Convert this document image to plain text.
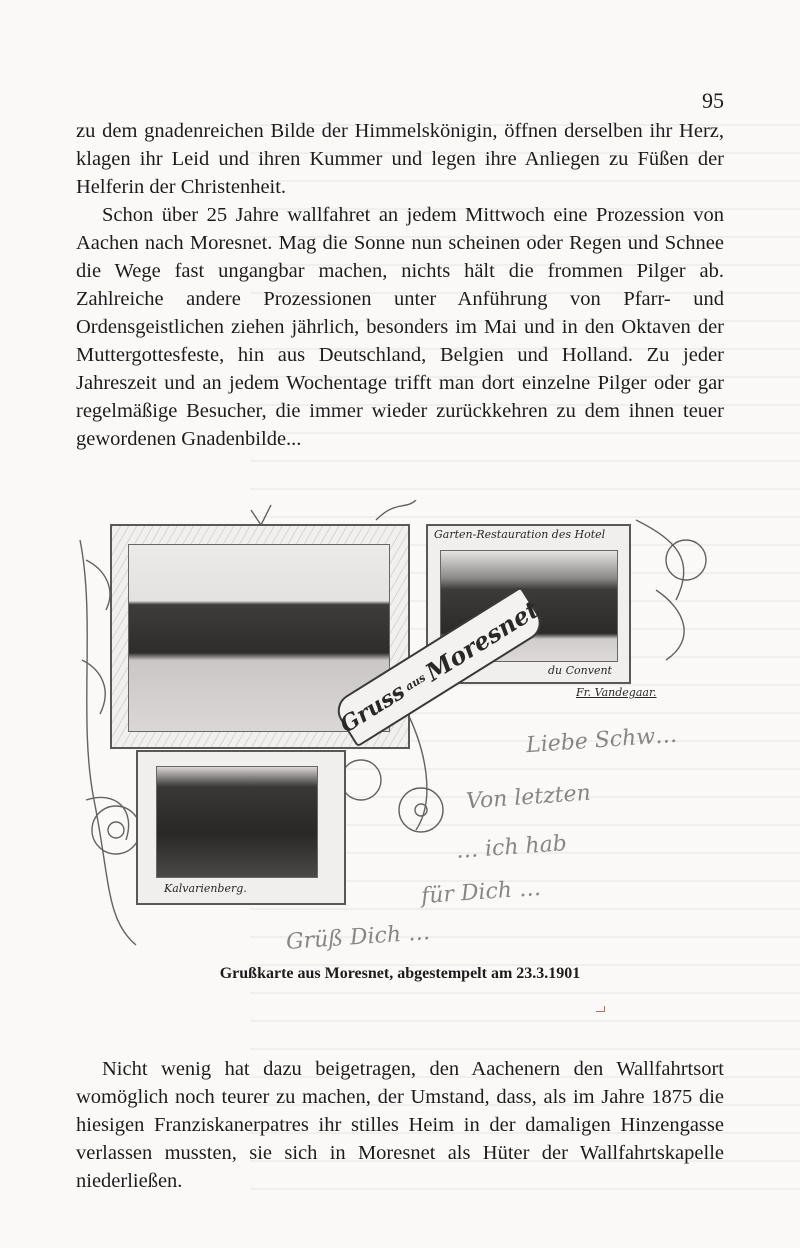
95

zu dem gnadenreichen Bilde der Himmelskönigin, öffnen derselben ihr Herz, klagen ihr Leid und ihren Kummer und legen ihre Anliegen zu Füßen der Helferin der Christenheit.

Schon über 25 Jahre wallfahret an jedem Mittwoch eine Prozession von Aachen nach Moresnet. Mag die Sonne nun scheinen oder Regen und Schnee die Wege fast ungangbar machen, nichts hält die frommen Pilger ab. Zahlreiche andere Prozessionen unter Anführung von Pfarr- und Ordensgeistlichen ziehen jährlich, besonders im Mai und in den Oktaven der Muttergottesfeste, hin aus Deutschland, Belgien und Holland. Zu jeder Jahreszeit und an jedem Wochentage trifft man dort einzelne Pilger oder gar regelmäßige Besucher, die immer wieder zurückkehren zu dem ihnen teuer gewordenen Gnadenbilde...

Garten-Restauration des Hotel
du Convent
Fr. Vandegaar.
Kalvarienberg.
Gruss
aus
Moresnet
Liebe Schw…
Von letzten
… ich hab
für Dich …
Grüß Dich …
Grußkarte aus Moresnet, abgestempelt am 23.3.1901

Nicht wenig hat dazu beigetragen, den Aachenern den Wallfahrtsort womöglich noch teurer zu machen, der Umstand, dass, als im Jahre 1875 die hiesigen Franziskanerpatres ihr stilles Heim in der damaligen Hinzengasse verlassen mussten, sie sich in Moresnet als Hüter der Wallfahrtskapelle niederließen.
